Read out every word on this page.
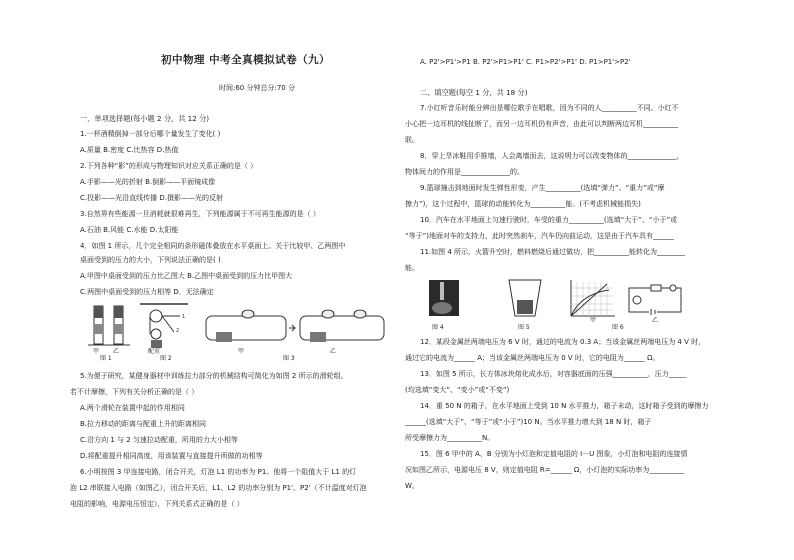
初中物理 中考全真模拟试卷（九）
时间:60 分钟总分:70 分
一、单项选择题(每小题 2 分，共 12 分)
1.一杯酒精倒掉一部分后哪个量发生了变化( )
A.质量 B.密度 C.比热容 D.热值
2.下列各种“影”的形成与物理知识对应关系正确的是（ ）
A.手影——光的折射 B.倒影——平面镜成像
C.投影——光沿直线传播 D.摄影——光的反射
3.自然界有些能源一旦消耗就很难再生，下列能源属于不可再生能源的是（ ）
A.石油 B.风能 C.水能 D.太阳能
4．如图 1 所示，几个完全相同的条形磁体叠放在水平桌面上。关于比较甲、乙两图中
桌面受到的压力的大小，下列说法正确的是( )
A.甲图中桌面受到的压力比乙图大 B.乙图中桌面受到的压力比甲图大
C.两图中桌面受到的压力相等 D．无法确定
2
1
甲 乙
图 1	图 2
配重	甲	乙
图 3
5.为便于研究，某健身器材中训练拉力部分的机械结构可简化为如图 2 所示的滑轮组。
若不计摩擦，下列有关分析正确的是（ ）
A.两个滑轮在装置中起的作用相同
B.拉力移动的距离与配重上升的距离相同
C.沿方向 1 与 2 匀速拉动配重，所用的力大小相等
D.将配重提升相同高度，用该装置与直接提升所做的功相等
6.小明按图 3 甲连接电路，闭合开关，灯泡 L1 的功率为 P1。他将一个阻值大于 L1 的灯
泡 L2 串联接入电路（如图乙），闭合开关后，L1、L2 的功率分别为 P1'、P2'（不计温度对灯泡
电阻的影响，电源电压恒定），下列关系式正确的是（ ）
A. P2'>P1'>P1 B. P2'>P1>P1' C. P1>P2'>P1' D. P1>P1'>P2'
二、填空题(每空 1 分，共 18 分)
7.小红听音乐时能分辨出是哪位歌手在唱歌，因为不同的人__________不同。小红不
小心把一边耳机的线扯断了，而另一边耳机仍有声音，由此可以判断两边耳机__________
联。
8．穿上旱冰鞋用手推墙，人会离墙而去，这说明力可以改变物体的______________，
物体间力的作用是______________的。
9.篮球撞击到地面时发生弹性形变，产生__________(选填“弹力”、“重力”或“摩
擦力”)，这个过程中，篮球的动能转化为__________能。(不考虑机械能损失)
10．汽车在水平地面上匀速行驶时，车受的重力__________(选填“大于”、“小于”或
“等于”)地面对车的支持力，此时突然刹车，汽车仍向前运动，这是由于汽车具有______
11.如图 4 所示，火箭升空时，燃料燃烧后通过做功，把__________能转化为________
能。
图 4	图 5
甲	乙
图 6
12．某段金属丝两端电压为 6 V 时，通过的电流为 0.3 A；当该金属丝两端电压为 4 V 时，
通过它的电流为______ A；当该金属丝两端电压为 0 V 时，它的电阻为______ Ω。
13．如图 5 所示，长方体冰块熔化成水后，对容器底面的压强__________，压力_____
(均选填“变大”、“变小”或“不变”)
14．重 50 N 的箱子，在水平地面上受到 10 N 水平推力，箱子未动，这时箱子受到的摩擦力
______(选填“大于”、“等于”或“小于”)10 N。当水平推力增大到 18 N 时，箱子
所受摩擦力为__________N。
15．图 6 甲中的 A、B 分别为小灯泡和定值电阻的 I－U 图象，小灯泡和电阻的连接情
况如图乙所示，电源电压 8 V，则定值电阻 R=______ Ω，小灯泡的实际功率为__________
W。
